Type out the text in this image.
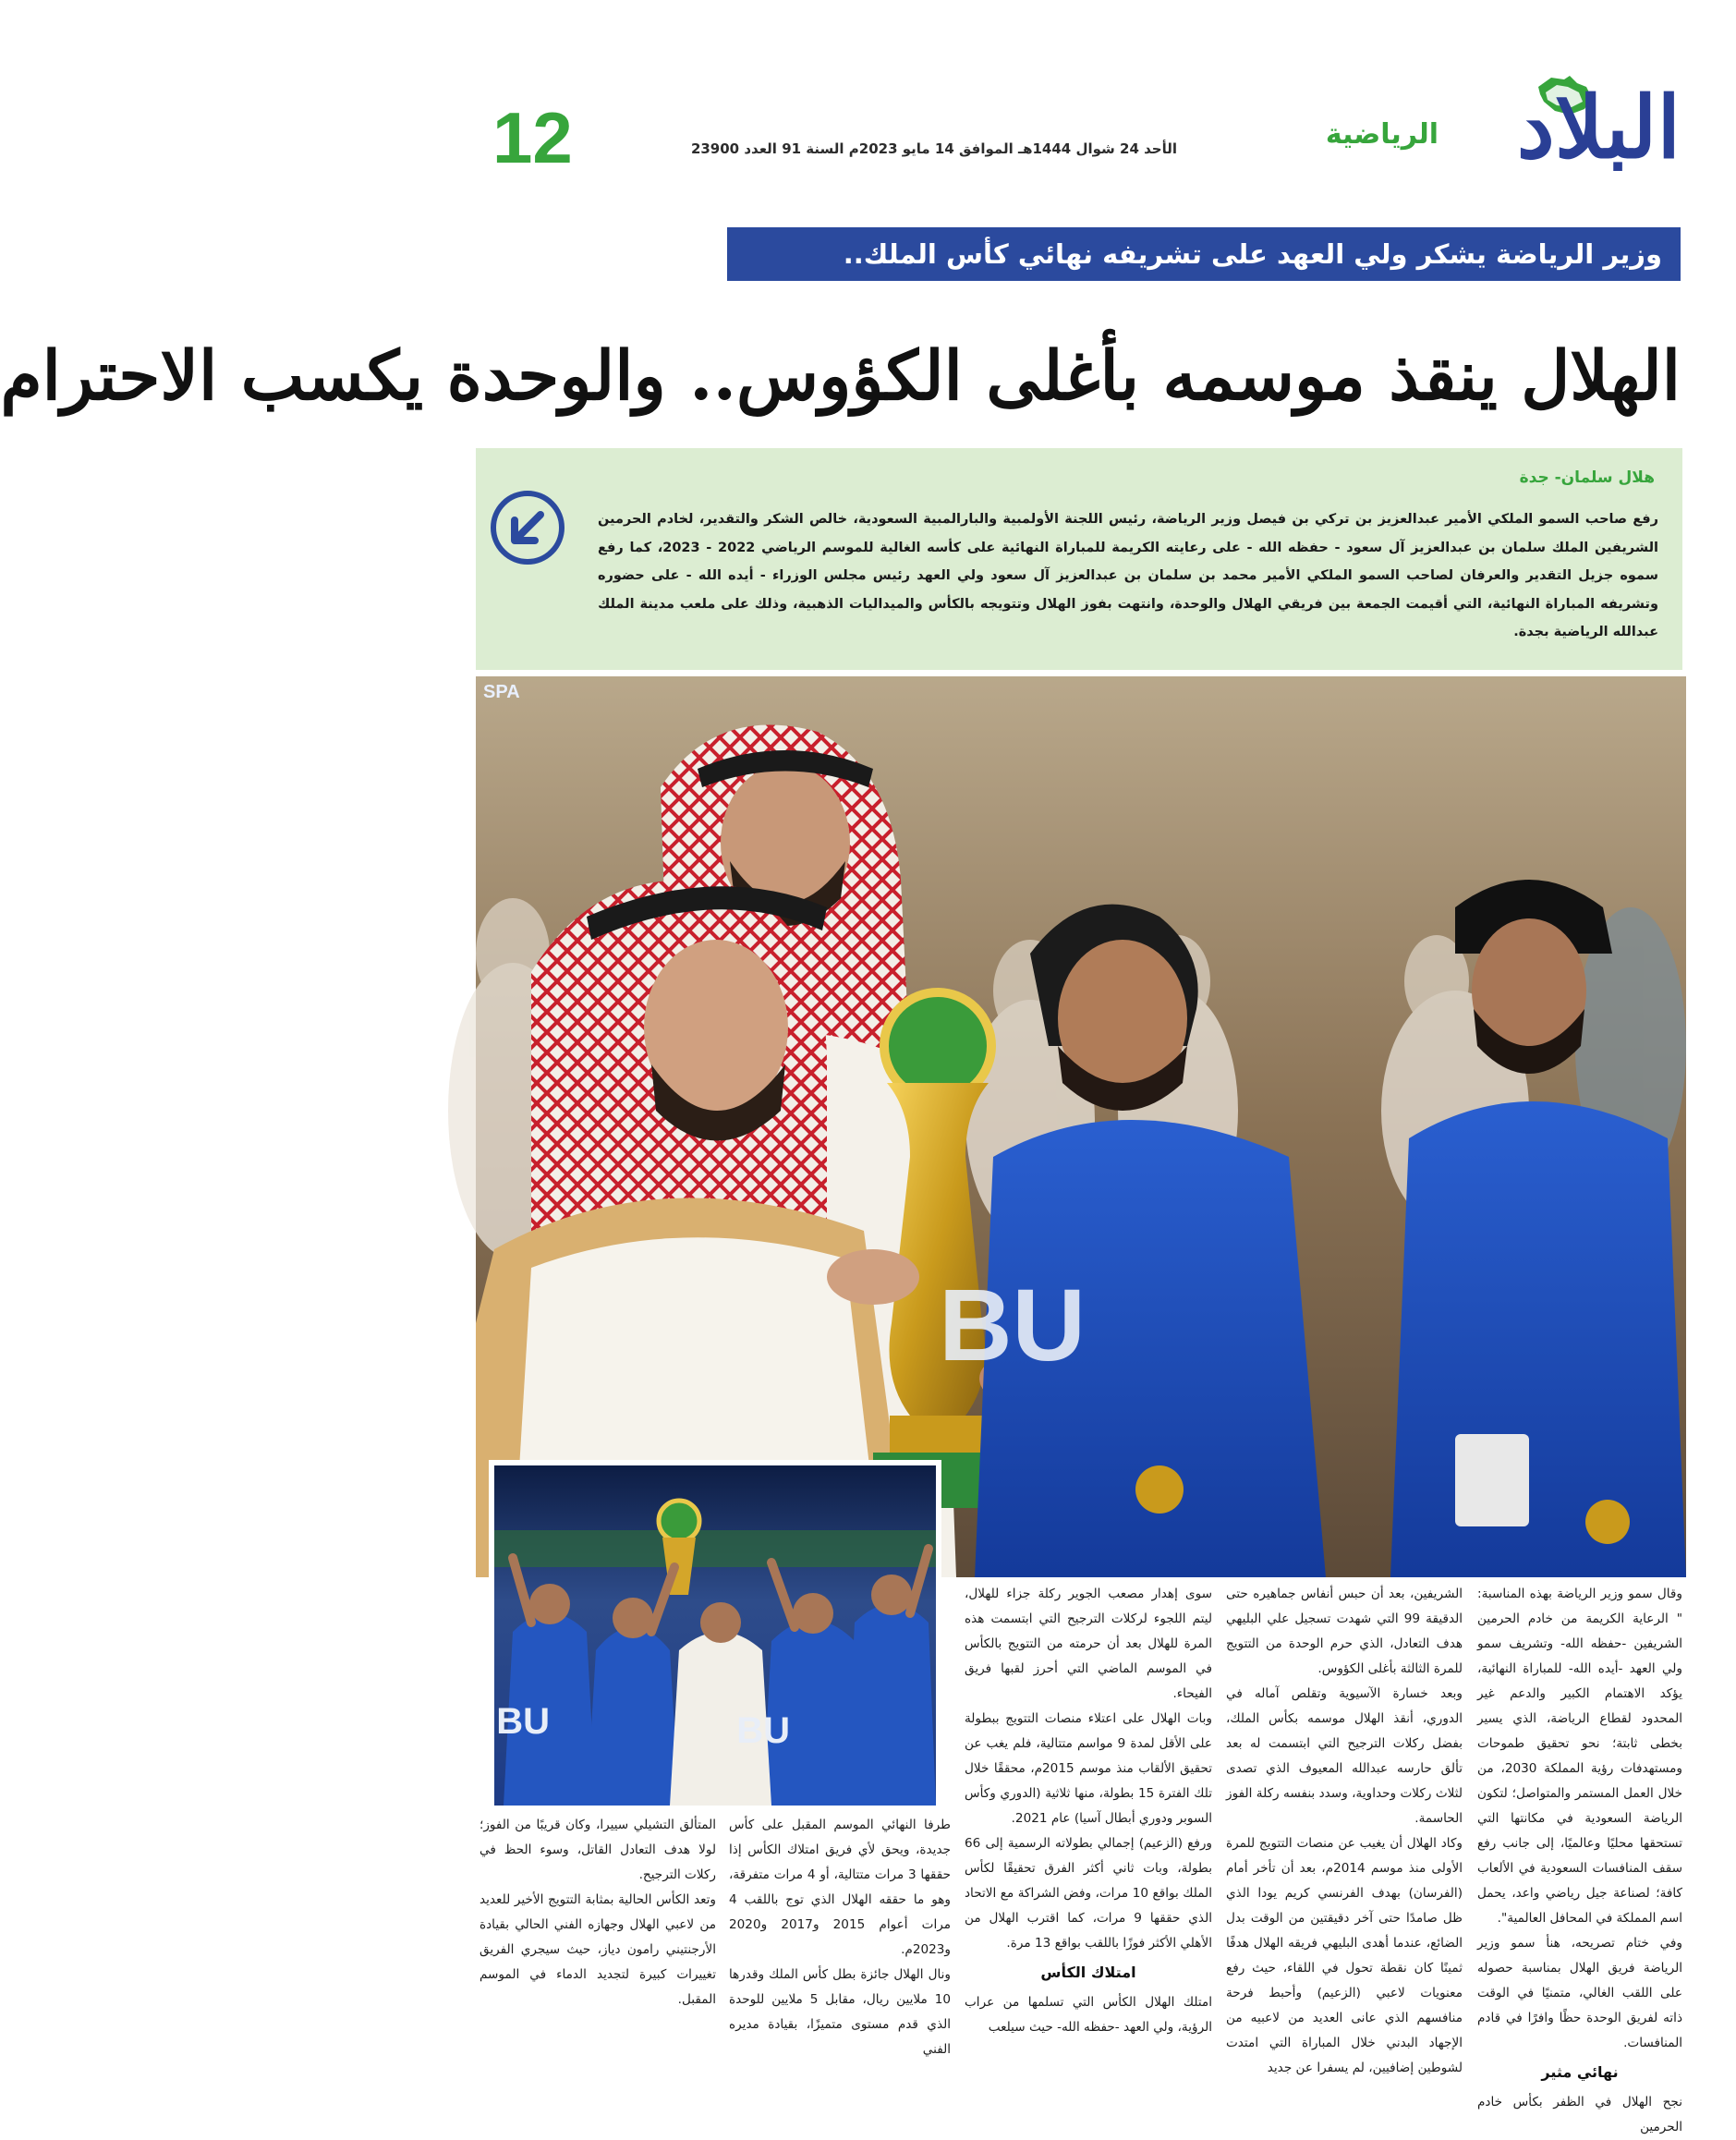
البلاد
الرياضية
الأحد 24 شوال 1444هـ الموافق 14 مايو 2023م السنة 91 العدد 23900
12
وزير الرياضة يشكر ولي العهد على تشريفه نهائي كأس الملك..
الهلال ينقذ موسمه بأغلى الكؤوس.. والوحدة يكسب الاحترام
هلال سلمان- جدة

رفع صاحب السمو الملكي الأمير عبدالعزيز بن تركي بن فيصل وزير الرياضة، رئيس اللجنة الأولمبية والبارالمبية السعودية، خالص الشكر والتقدير، لخادم الحرمين الشريفين الملك سلمان بن عبدالعزيز آل سعود - حفظه الله - على رعايته الكريمة للمباراة النهائية على كأسه الغالية للموسم الرياضي 2022 - 2023، كما رفع سموه جزيل التقدير والعرفان لصاحب السمو الملكي الأمير محمد بن سلمان بن عبدالعزيز آل سعود ولي العهد رئيس مجلس الوزراء - أيده الله - على حضوره وتشريفه المباراة النهائية، التي أقيمت الجمعة بين فريقي الهلال والوحدة، وانتهت بفوز الهلال وتتويجه بالكأس والميداليات الذهبية، وذلك على ملعب مدينة الملك عبدالله الرياضية بجدة.

BU
SPA
BU	BU

وقال سمو وزير الرياضة بهذه المناسبة: " الرعاية الكريمة من خادم الحرمين الشريفين -حفظه الله- وتشريف سمو ولي العهد -أيده الله- للمباراة النهائية، يؤكد الاهتمام الكبير والدعم غير المحدود لقطاع الرياضة، الذي يسير بخطى ثابتة؛ نحو تحقيق طموحات ومستهدفات رؤية المملكة 2030، من خلال العمل المستمر والمتواصل؛ لتكون الرياضة السعودية في مكانتها التي تستحقها محليًا وعالميًا، إلى جانب رفع سقف المنافسات السعودية في الألعاب كافة؛ لصناعة جيل رياضي واعد، يحمل اسم المملكة في المحافل العالمية".

وفي ختام تصريحه، هنأ سمو وزير الرياضة فريق الهلال بمناسبة حصوله على اللقب الغالي، متمنيًا في الوقت ذاته لفريق الوحدة حظًا وافرًا في قادم المنافسات.

نهائي مثير

نجح الهلال في الظفر بكأس خادم الحرمين

الشريفين، بعد أن حبس أنفاس جماهيره حتى الدقيقة 99 التي شهدت تسجيل علي البليهي هدف التعادل، الذي حرم الوحدة من التتويج للمرة الثالثة بأغلى الكؤوس.

وبعد خسارة الآسيوية وتقلص آماله في الدوري، أنقذ الهلال موسمه بكأس الملك، بفضل ركلات الترجيح التي ابتسمت له بعد تألق حارسه عبدالله المعيوف الذي تصدى لثلاث ركلات وحداوية، وسدد بنفسه ركلة الفوز الحاسمة.

وكاد الهلال أن يغيب عن منصات التتويج للمرة الأولى منذ موسم 2014م، بعد أن تأخر أمام (الفرسان) بهدف الفرنسي كريم يودا الذي ظل صامدًا حتى آخر دقيقتين من الوقت بدل الضائع، عندما أهدى البليهي فريقه الهلال هدفًا ثمينًا كان نقطة تحول في اللقاء، حيث رفع معنويات لاعبي (الزعيم) وأحبط فرحة منافسهم الذي عانى العديد من لاعبيه من الإجهاد البدني خلال المباراة التي امتدت لشوطين إضافيين، لم يسفرا عن جديد

سوى إهدار مصعب الجوير ركلة جزاء للهلال، ليتم اللجوء لركلات الترجيح التي ابتسمت هذه المرة للهلال بعد أن حرمته من التتويج بالكأس في الموسم الماضي التي أحرز لقبها فريق الفيحاء.

وبات الهلال على اعتلاء منصات التتويج ببطولة على الأقل لمدة 9 مواسم متتالية، فلم يغب عن تحقيق الألقاب منذ موسم 2015م، محققًا خلال تلك الفترة 15 بطولة، منها ثلاثية (الدوري وكأس السوبر ودوري أبطال آسيا) عام 2021.

ورفع (الزعيم) إجمالي بطولاته الرسمية إلى 66 بطولة، وبات ثاني أكثر الفرق تحقيقًا لكأس الملك بواقع 10 مرات، وفض الشراكة مع الاتحاد الذي حققها 9 مرات، كما اقترب الهلال من الأهلي الأكثر فوزًا باللقب بواقع 13 مرة.

امتلاك الكأس

امتلك الهلال الكأس التي تسلمها من عراب الرؤية، ولي العهد -حفظه الله- حيث سيلعب

طرفا النهائي الموسم المقبل على كأس جديدة، ويحق لأي فريق امتلاك الكأس إذا حققها 3 مرات متتالية، أو 4 مرات متفرقة، وهو ما حققه الهلال الذي توج باللقب 4 مرات أعوام 2015 و2017 و2020 و2023م.

ونال الهلال جائزة بطل كأس الملك وقدرها 10 ملايين ريال، مقابل 5 ملايين للوحدة الذي قدم مستوى متميزًا، بقيادة مديره الفني

المتألق التشيلي سييرا، وكان قريبًا من الفوز؛ لولا هدف التعادل القاتل، وسوء الحظ في ركلات الترجيح.

وتعد الكأس الحالية بمثابة التتويج الأخير للعديد من لاعبي الهلال وجهازه الفني الحالي بقيادة الأرجنتيني رامون دياز، حيث سيجري الفريق تغييرات كبيرة لتجديد الدماء في الموسم المقبل.
